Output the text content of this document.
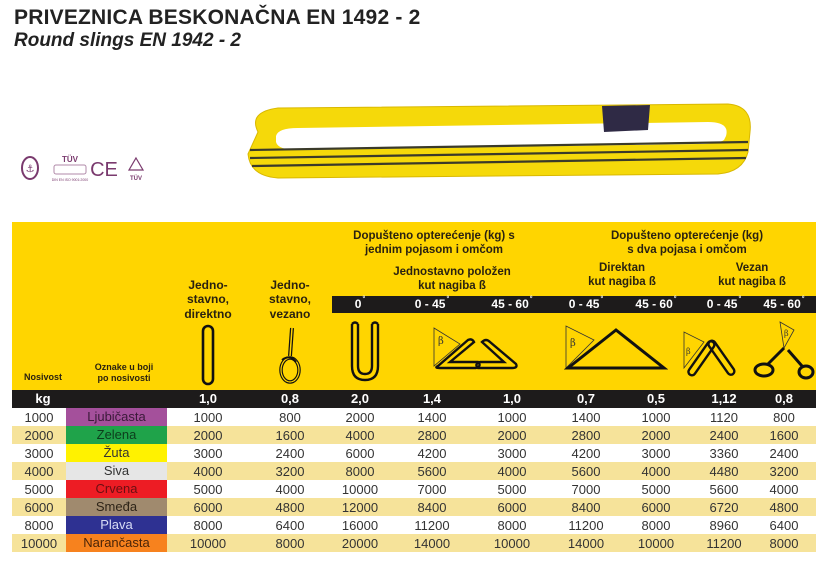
PRIVEZNICA BESKONAČNA EN 1492 - 2
Round slings EN 1942 - 2
⚓
TÜV
DIN EN ISO 9001:2000 CE TÜV
Nosivost
Oznake u boji
po nosivosti
Jedno-
stavno,
direktno
Jedno-
stavno,
vezano
Dopušteno opterećenje (kg) s
jednim pojasom i omčom
Jednostavno položen
kut nagiba ß
Dopušteno opterećenje (kg)
s dva pojasa i omčom
Direktan
kut nagiba ß
Vezan
kut nagiba ß
0°	0 - 45°	45 - 60°	0 - 45°	45 - 60°	0 - 45°	45 - 60°
β	β
β
β
kg	1,0	0,8	2,0	1,4	1,0	0,7	0,5	1,12	0,8
1000	Ljubičasta	1000	800	2000	1400	1000	1400	1000	1120	800
2000	Zelena	2000	1600	4000	2800	2000	2800	2000	2400	1600
3000	Žuta	3000	2400	6000	4200	3000	4200	3000	3360	2400
4000	Siva	4000	3200	8000	5600	4000	5600	4000	4480	3200
5000	Crvena	5000	4000	10000	7000	5000	7000	5000	5600	4000
6000	Smeđa	6000	4800	12000	8400	6000	8400	6000	6720	4800
8000	Plava	8000	6400	16000	11200	8000	11200	8000	8960	6400
10000	Narančasta	10000	8000	20000	14000	10000	14000	10000	11200	8000
